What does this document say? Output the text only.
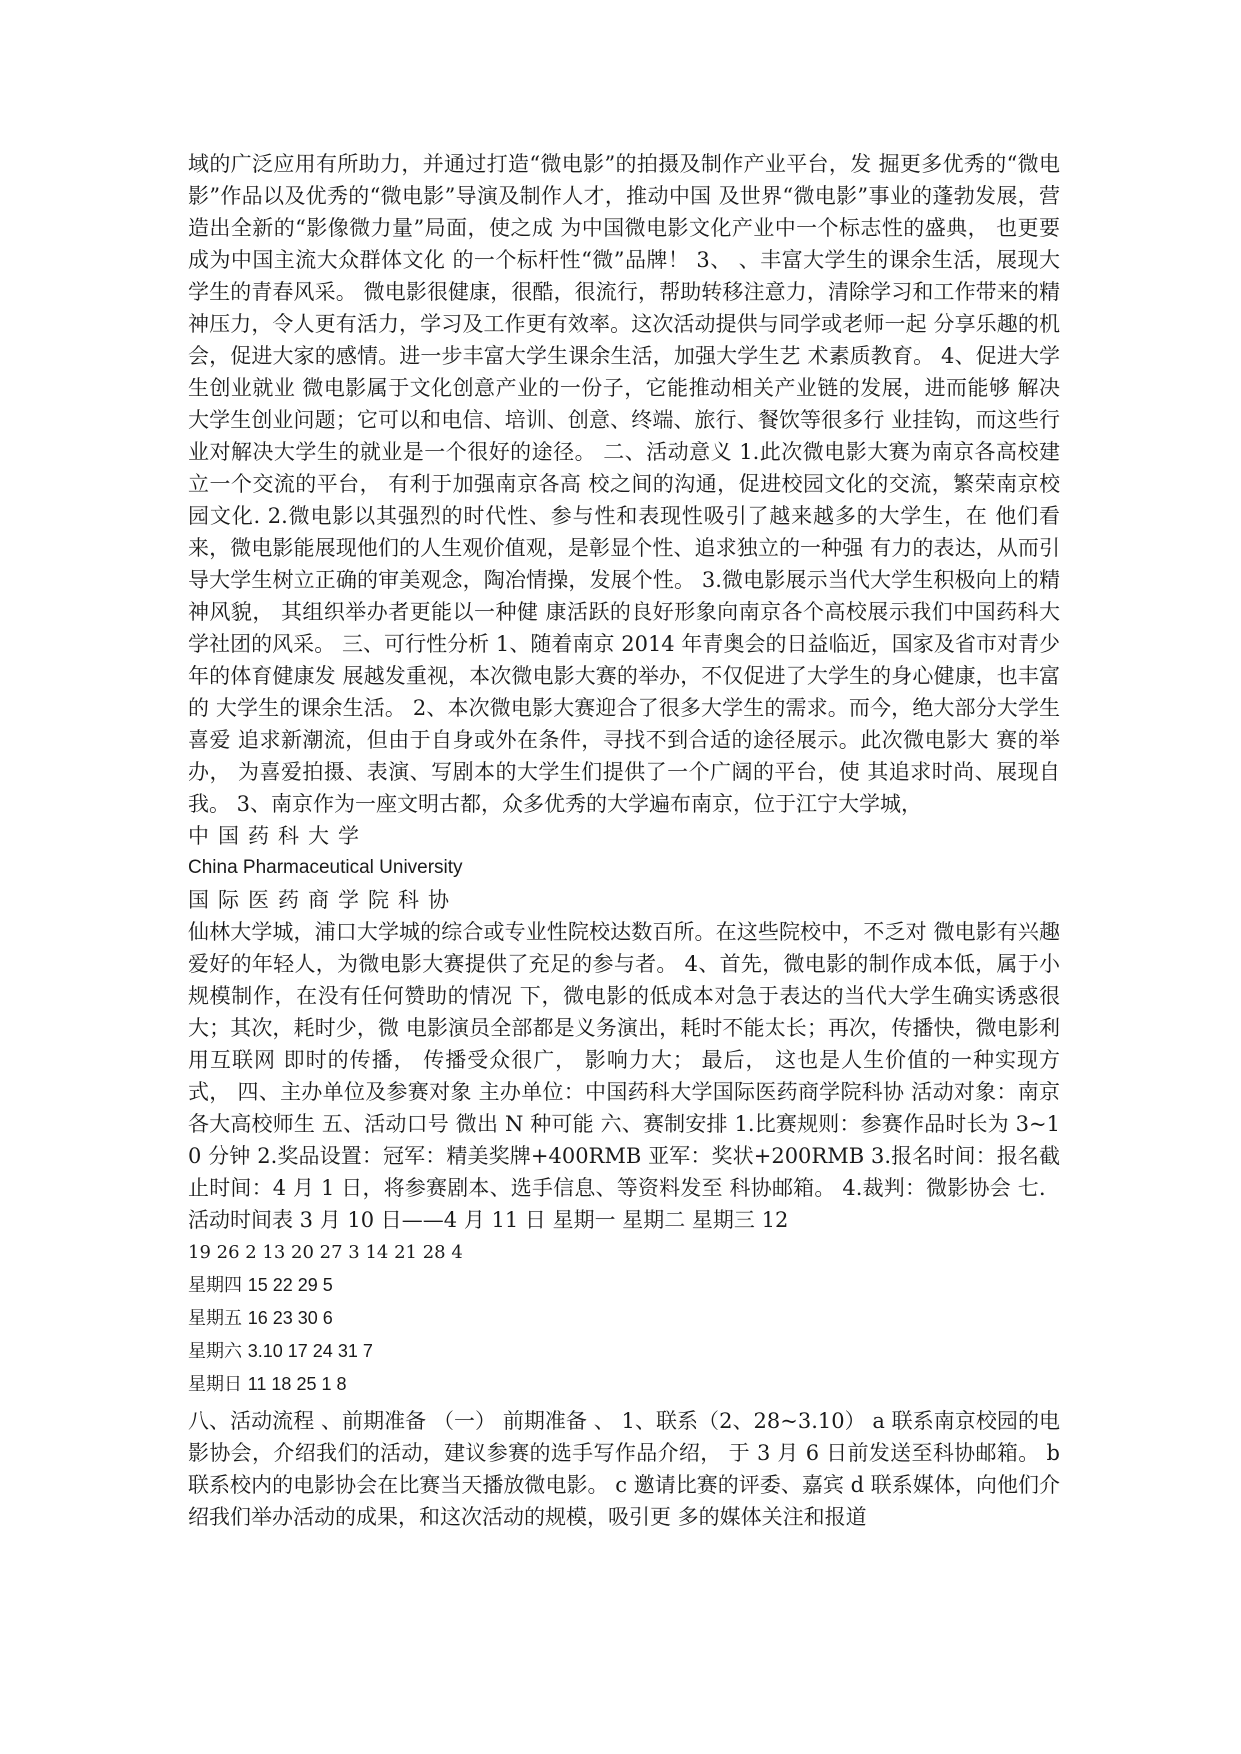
域的广泛应用有所助力，并通过打造“微电影”的拍摄及制作产业平台，发 掘更多优秀的“微电影”作品以及优秀的“微电影”导演及制作人才，推动中国 及世界“微电影”事业的蓬勃发展，营造出全新的“影像微力量”局面，使之成 为中国微电影文化产业中一个标志性的盛典， 也更要成为中国主流大众群体文化 的一个标杆性“微”品牌！ 3、 、丰富大学生的课余生活，展现大学生的青春风采。 微电影很健康，很酷，很流行，帮助转移注意力，清除学习和工作带来的精 神压力，令人更有活力，学习及工作更有效率。这次活动提供与同学或老师一起 分享乐趣的机会，促进大家的感情。进一步丰富大学生课余生活，加强大学生艺 术素质教育。 4、促进大学生创业就业 微电影属于文化创意产业的一份子，它能推动相关产业链的发展，进而能够 解决大学生创业问题；它可以和电信、培训、创意、终端、旅行、餐饮等很多行 业挂钩，而这些行业对解决大学生的就业是一个很好的途径。 二、活动意义 1.此次微电影大赛为南京各高校建立一个交流的平台， 有利于加强南京各高 校之间的沟通，促进校园文化的交流，繁荣南京校园文化. 2.微电影以其强烈的时代性、参与性和表现性吸引了越来越多的大学生，在 他们看来，微电影能展现他们的人生观价值观，是彰显个性、追求独立的一种强 有力的表达，从而引导大学生树立正确的审美观念，陶冶情操，发展个性。 3.微电影展示当代大学生积极向上的精神风貌， 其组织举办者更能以一种健 康活跃的良好形象向南京各个高校展示我们中国药科大学社团的风采。 三、可行性分析 1、随着南京 2014 年青奥会的日益临近，国家及省市对青少年的体育健康发 展越发重视，本次微电影大赛的举办，不仅促进了大学生的身心健康，也丰富的 大学生的课余生活。 2、本次微电影大赛迎合了很多大学生的需求。而今，绝大部分大学生喜爱 追求新潮流，但由于自身或外在条件，寻找不到合适的途径展示。此次微电影大 赛的举办， 为喜爱拍摄、表演、写剧本的大学生们提供了一个广阔的平台，使 其追求时尚、展现自我。 3、南京作为一座文明古都，众多优秀的大学遍布南京，位于江宁大学城，

中国药科大学

China Pharmaceutical University

国际医药商学院科协

仙林大学城，浦口大学城的综合或专业性院校达数百所。在这些院校中，不乏对 微电影有兴趣爱好的年轻人，为微电影大赛提供了充足的参与者。 4、首先，微电影的制作成本低，属于小规模制作，在没有任何赞助的情况 下，微电影的低成本对急于表达的当代大学生确实诱惑很大；其次，耗时少，微 电影演员全部都是义务演出，耗时不能太长；再次，传播快，微电影利用互联网 即时的传播， 传播受众很广， 影响力大； 最后， 这也是人生价值的一种实现方式， 四、主办单位及参赛对象 主办单位：中国药科大学国际医药商学院科协 活动对象：南京各大高校师生 五、活动口号 微出 N 种可能 六、赛制安排 1.比赛规则：参赛作品时长为 3~10 分钟 2.奖品设置：冠军：精美奖牌+400RMB 亚军：奖状+200RMB 3.报名时间：报名截止时间：4 月 1 日，将参赛剧本、选手信息、等资料发至 科协邮箱。 4.裁判：微影协会 七．活动时间表 3 月 10 日——4 月 11 日 星期一 星期二 星期三 12

19 26 2 13 20 27 3 14 21 28 4

星期四 15 22 29 5

星期五 16 23 30 6

星期六 3.10 17 24 31 7

星期日 11 18 25 1 8

八、活动流程 、前期准备 （一） 前期准备 、 1、联系（2、28~3.10） a 联系南京校园的电影协会，介绍我们的活动，建议参赛的选手写作品介绍， 于 3 月 6 日前发送至科协邮箱。 b 联系校内的电影协会在比赛当天播放微电影。 c 邀请比赛的评委、嘉宾 d 联系媒体，向他们介绍我们举办活动的成果，和这次活动的规模，吸引更 多的媒体关注和报道
